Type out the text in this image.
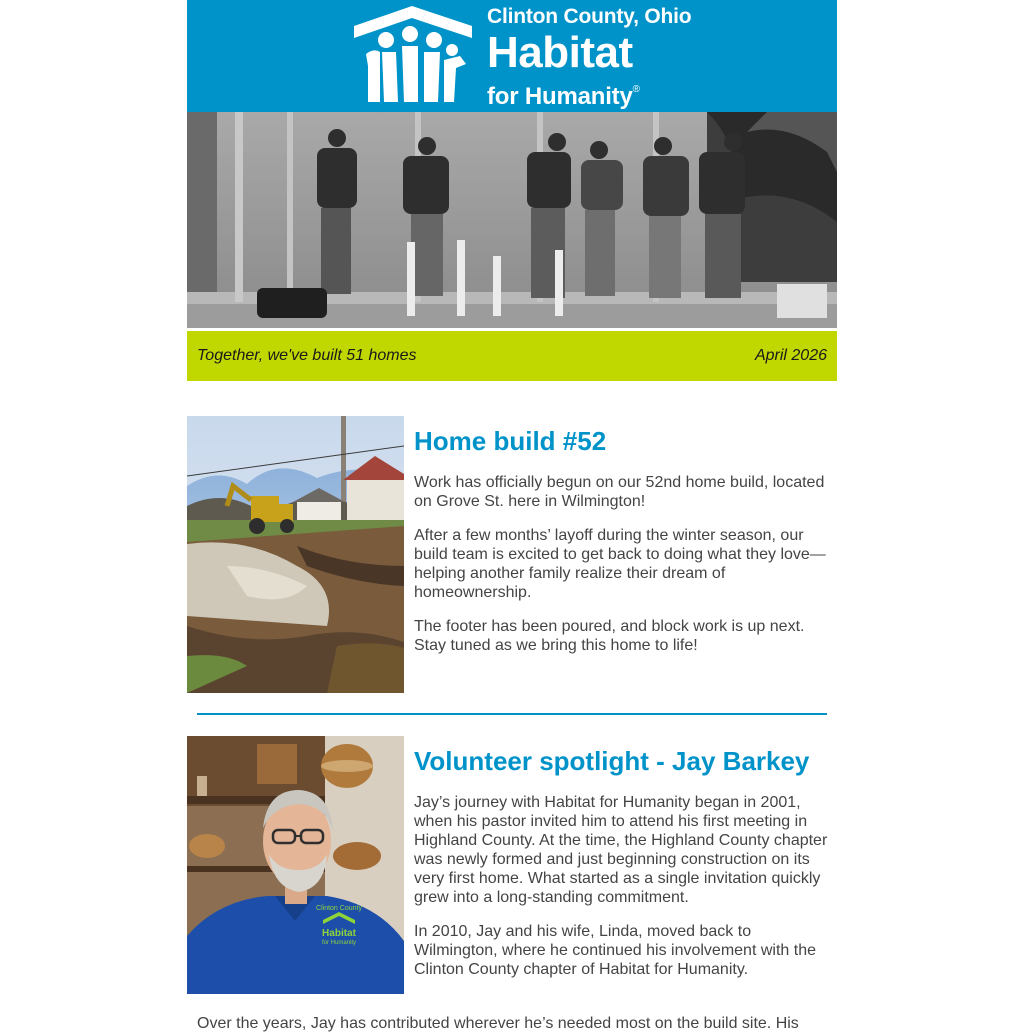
Clinton County, Ohio
Habitat
for Humanity®
Together, we've built 51 homes	April 2026
Home build #52

Work has officially begun on our 52nd home build, located on Grove St. here in Wilmington!

After a few months’ layoff during the winter season, our build team is excited to get back to doing what they love—helping another family realize their dream of homeownership.

The footer has been poured, and block work is up next. Stay tuned as we bring this home to life!

Clinton County
Habitat
for Humanity
Volunteer spotlight - Jay Barkey

Jay’s journey with Habitat for Humanity began in 2001, when his pastor invited him to attend his first meeting in Highland County. At the time, the Highland County chapter was newly formed and just beginning construction on its very first home. What started as a single invitation quickly grew into a long-standing commitment.

In 2010, Jay and his wife, Linda, moved back to Wilmington, where he continued his involvement with the Clinton County chapter of Habitat for Humanity.

Over the years, Jay has contributed wherever he’s needed most on the build site. His
